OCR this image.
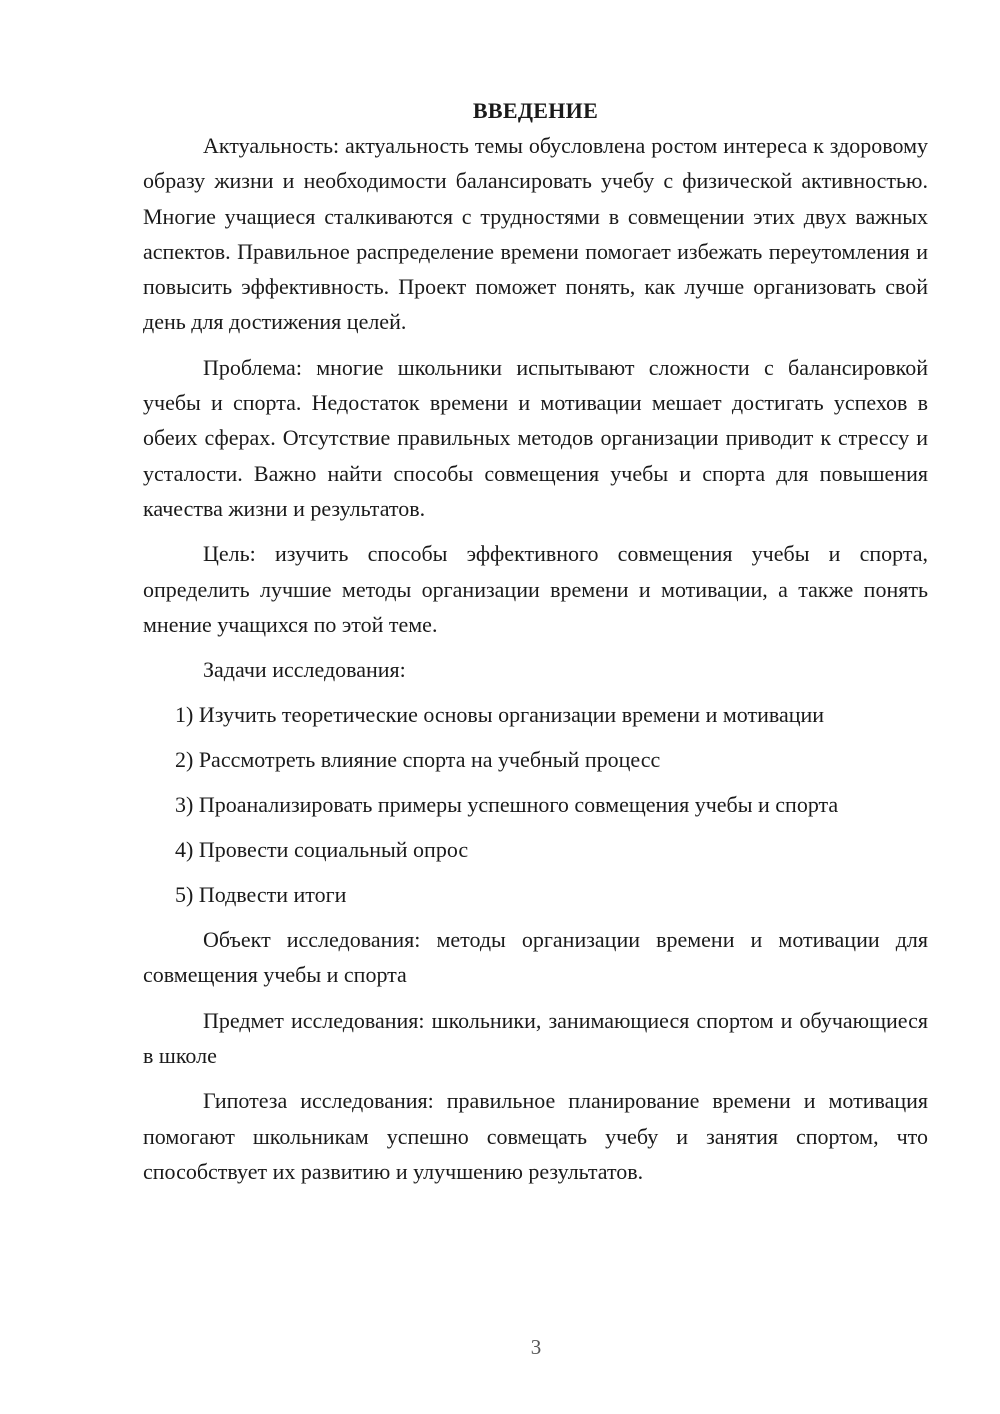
ВВЕДЕНИЕ

Актуальность: актуальность темы обусловлена ростом интереса к здоровому образу жизни и необходимости балансировать учебу с физической активностью. Многие учащиеся сталкиваются с трудностями в совмещении этих двух важных аспектов. Правильное распределение времени помогает избежать переутомления и повысить эффективность. Проект поможет понять, как лучше организовать свой день для достижения целей.

Проблема: многие школьники испытывают сложности с балансировкой учебы и спорта. Недостаток времени и мотивации мешает достигать успехов в обеих сферах. Отсутствие правильных методов организации приводит к стрессу и усталости. Важно найти способы совмещения учебы и спорта для повышения качества жизни и результатов.

Цель: изучить способы эффективного совмещения учебы и спорта, определить лучшие методы организации времени и мотивации, а также понять мнение учащихся по этой теме.

Задачи исследования:

1) Изучить теоретические основы организации времени и мотивации

2) Рассмотреть влияние спорта на учебный процесс

3) Проанализировать примеры успешного совмещения учебы и спорта

4) Провести социальный опрос

5) Подвести итоги

Объект исследования: методы организации времени и мотивации для совмещения учебы и спорта

Предмет исследования: школьники, занимающиеся спортом и обучающиеся в школе

Гипотеза исследования: правильное планирование времени и мотивация помогают школьникам успешно совмещать учебу и занятия спортом, что способствует их развитию и улучшению результатов.

3
